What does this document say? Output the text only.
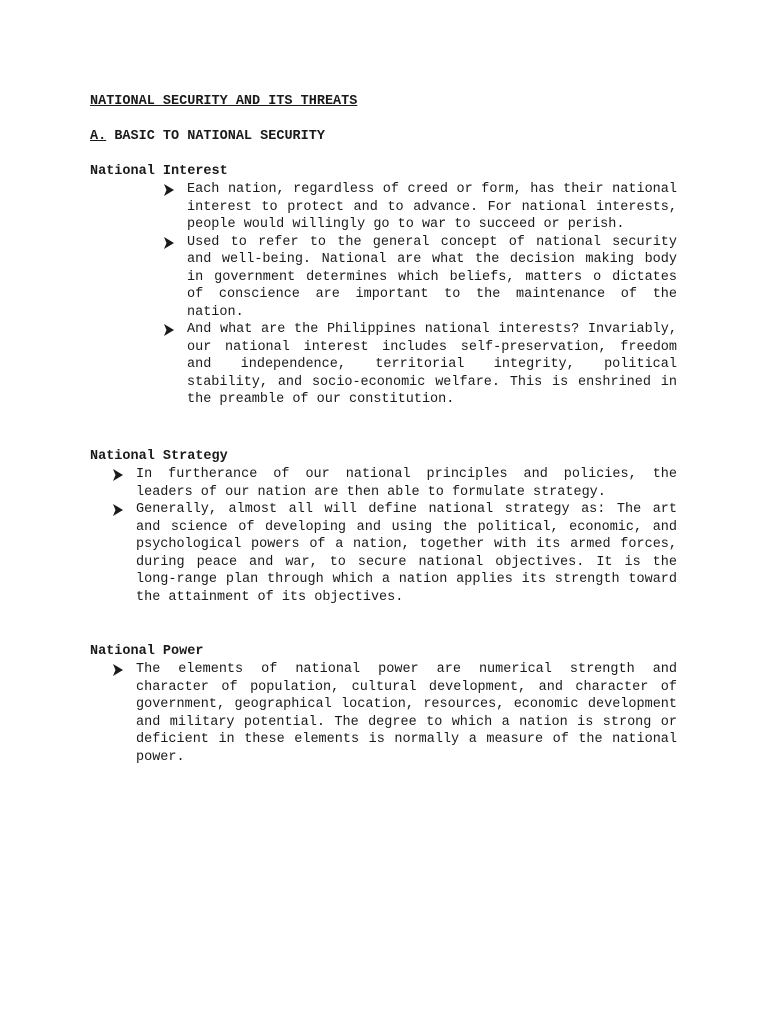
NATIONAL SECURITY AND ITS THREATS
A. BASIC TO NATIONAL SECURITY
National Interest
Each nation, regardless of creed or form, has their national interest to protect and to advance. For national interests, people would willingly go to war to succeed or perish.
Used to refer to the general concept of national security and well-being. National are what the decision making body in government determines which beliefs, matters o dictates of conscience are important to the maintenance of the nation.
And what are the Philippines national interests? Invariably, our national interest includes self-preservation, freedom and independence, territorial integrity, political stability, and socio-economic welfare. This is enshrined in the preamble of our constitution.
National Strategy
In furtherance of our national principles and policies, the leaders of our nation are then able to formulate strategy.
Generally, almost all will define national strategy as: The art and science of developing and using the political, economic, and psychological powers of a nation, together with its armed forces, during peace and war, to secure national objectives. It is the long-range plan through which a nation applies its strength toward the attainment of its objectives.
National Power
The elements of national power are numerical strength and character of population, cultural development, and character of government, geographical location, resources, economic development and military potential. The degree to which a nation is strong or deficient in these elements is normally a measure of the national power.
